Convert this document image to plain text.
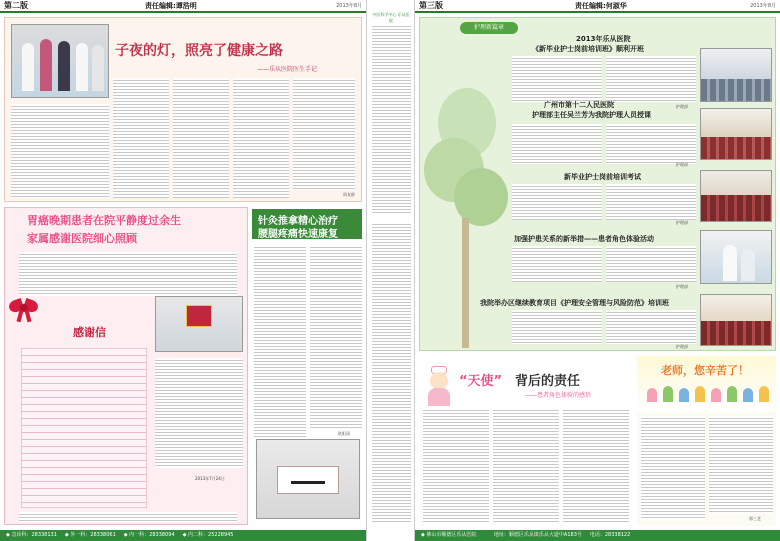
第二版	责任编辑:谭浩明	2013年8月
子夜的灯，照亮了健康之路
——乐从医院医生手记
周友群
胃癌晚期患者在院平静度过余生
家属感谢医院细心照顾
感谢信
2013年7月24日
针灸推拿精心治疗
腰腿疼痛快速康复
欧阳清
◆ 急诊科：28338131 ◆ 外一科：28338061 ◆ 内一科：28338094 ◆ 内二科：25228945
中医科学中心 乐从医院
第三版	责任编辑:何淑华	2013年8月
护理新篇章
2013年乐从医院
《新毕业护士岗前培训班》顺利开班
护理部
广州市第十二人民医院
护理部主任吴兰芳为我院护理人员授课
护理部
新毕业护士岗前培训考试
护理部
加强护患关系的新举措——患者角色体验活动
护理部
我院举办区继续教育项目《护理安全管理与风险防范》培训班
护理部
“天使” 背后的责任
——患者角色体验的感悟
老师，您辛苦了！
郭三芝
◆ 佛山市顺德区乐从医院	地址：顺德区乐从镇乐从大道中A183号 电话：28338122
